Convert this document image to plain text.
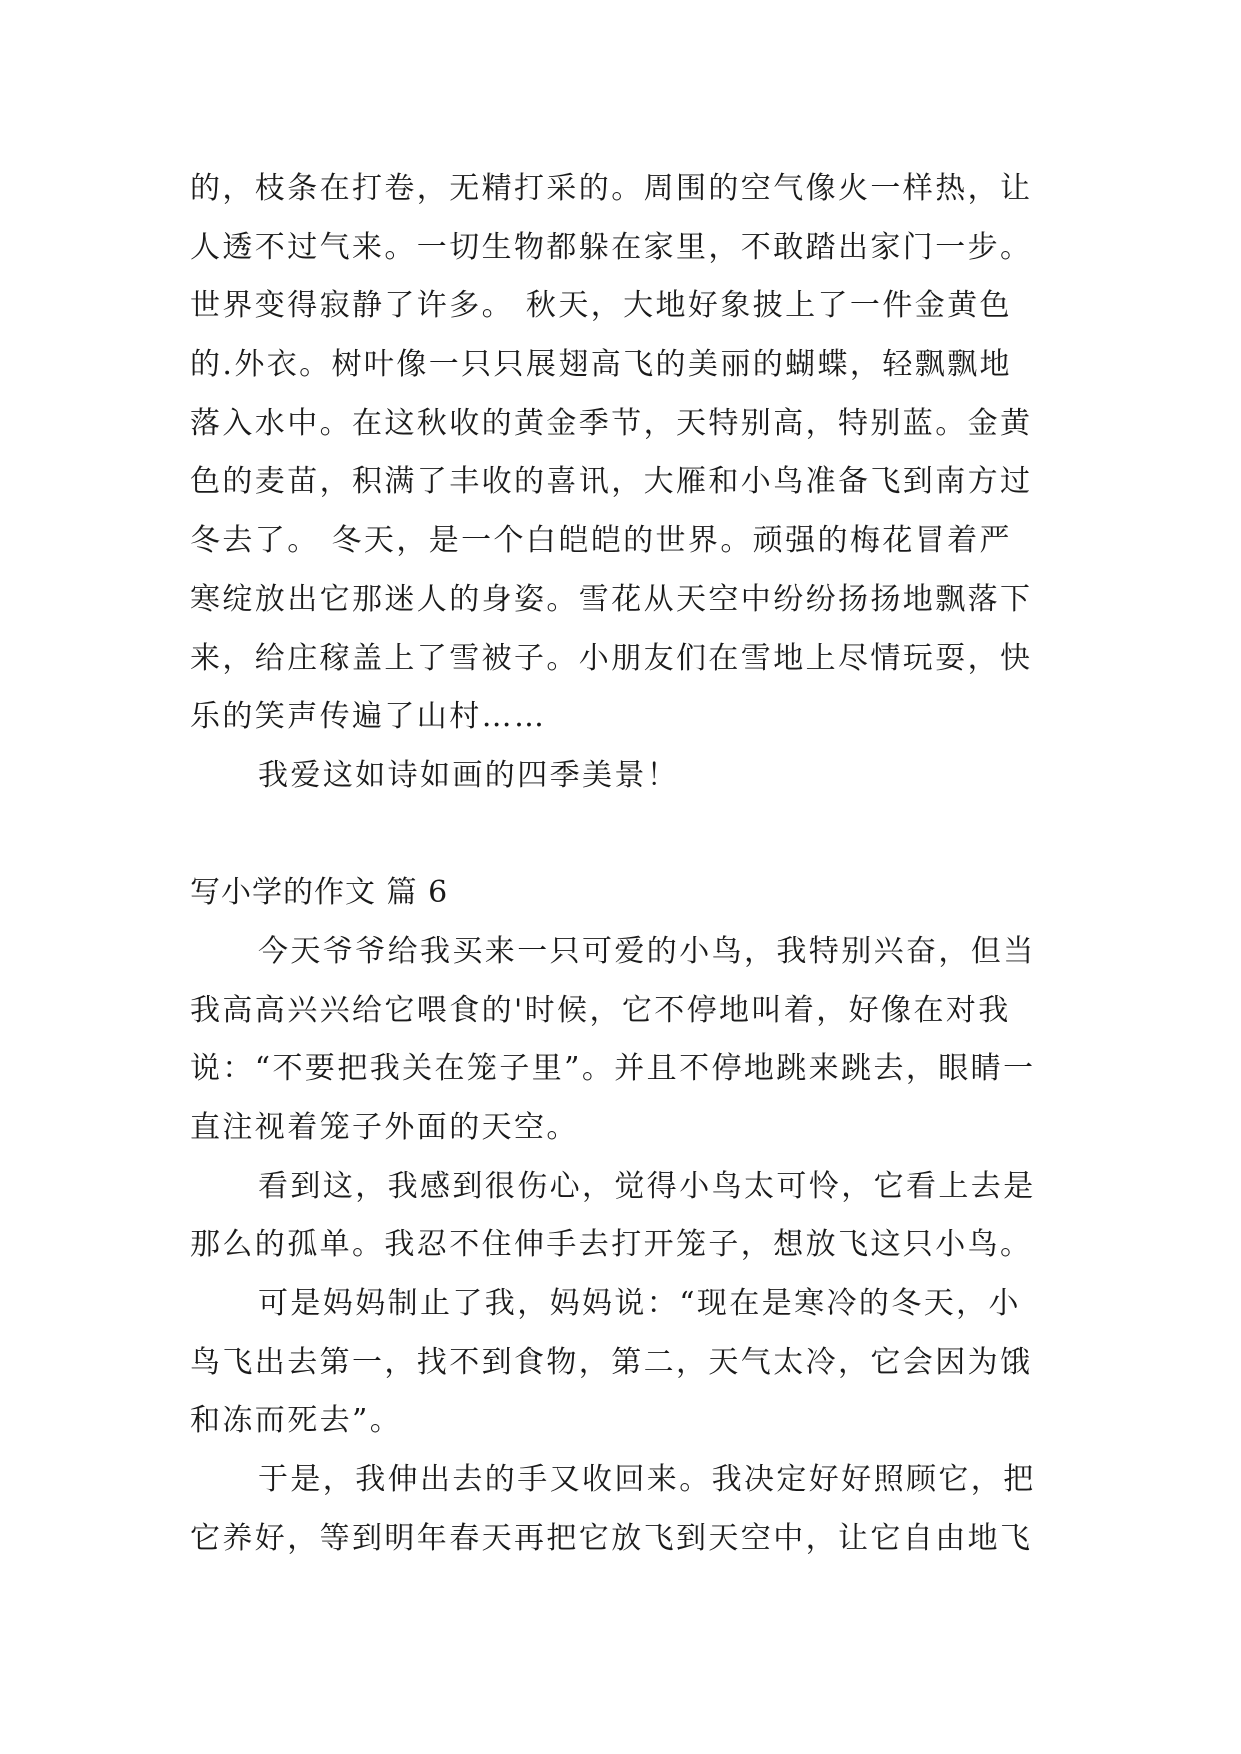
的，枝条在打卷，无精打采的。周围的空气像火一样热，让
人透不过气来。一切生物都躲在家里，不敢踏出家门一步。
世界变得寂静了许多。 秋天，大地好象披上了一件金黄色
的.外衣。树叶像一只只展翅高飞的美丽的蝴蝶，轻飘飘地
落入水中。在这秋收的黄金季节，天特别高，特别蓝。金黄
色的麦苗，积满了丰收的喜讯，大雁和小鸟准备飞到南方过
冬去了。 冬天，是一个白皑皑的世界。顽强的梅花冒着严
寒绽放出它那迷人的身姿。雪花从天空中纷纷扬扬地飘落下
来，给庄稼盖上了雪被子。小朋友们在雪地上尽情玩耍，快
乐的笑声传遍了山村……
我爱这如诗如画的四季美景！
写小学的作文 篇 6
今天爷爷给我买来一只可爱的小鸟，我特别兴奋，但当
我高高兴兴给它喂食的'时候，它不停地叫着，好像在对我
说：“不要把我关在笼子里”。并且不停地跳来跳去，眼睛一
直注视着笼子外面的天空。
看到这，我感到很伤心，觉得小鸟太可怜，它看上去是
那么的孤单。我忍不住伸手去打开笼子，想放飞这只小鸟。
可是妈妈制止了我，妈妈说：“现在是寒冷的冬天，小
鸟飞出去第一，找不到食物，第二，天气太冷，它会因为饿
和冻而死去”。
于是，我伸出去的手又收回来。我决定好好照顾它，把
它养好，等到明年春天再把它放飞到天空中，让它自由地飞
